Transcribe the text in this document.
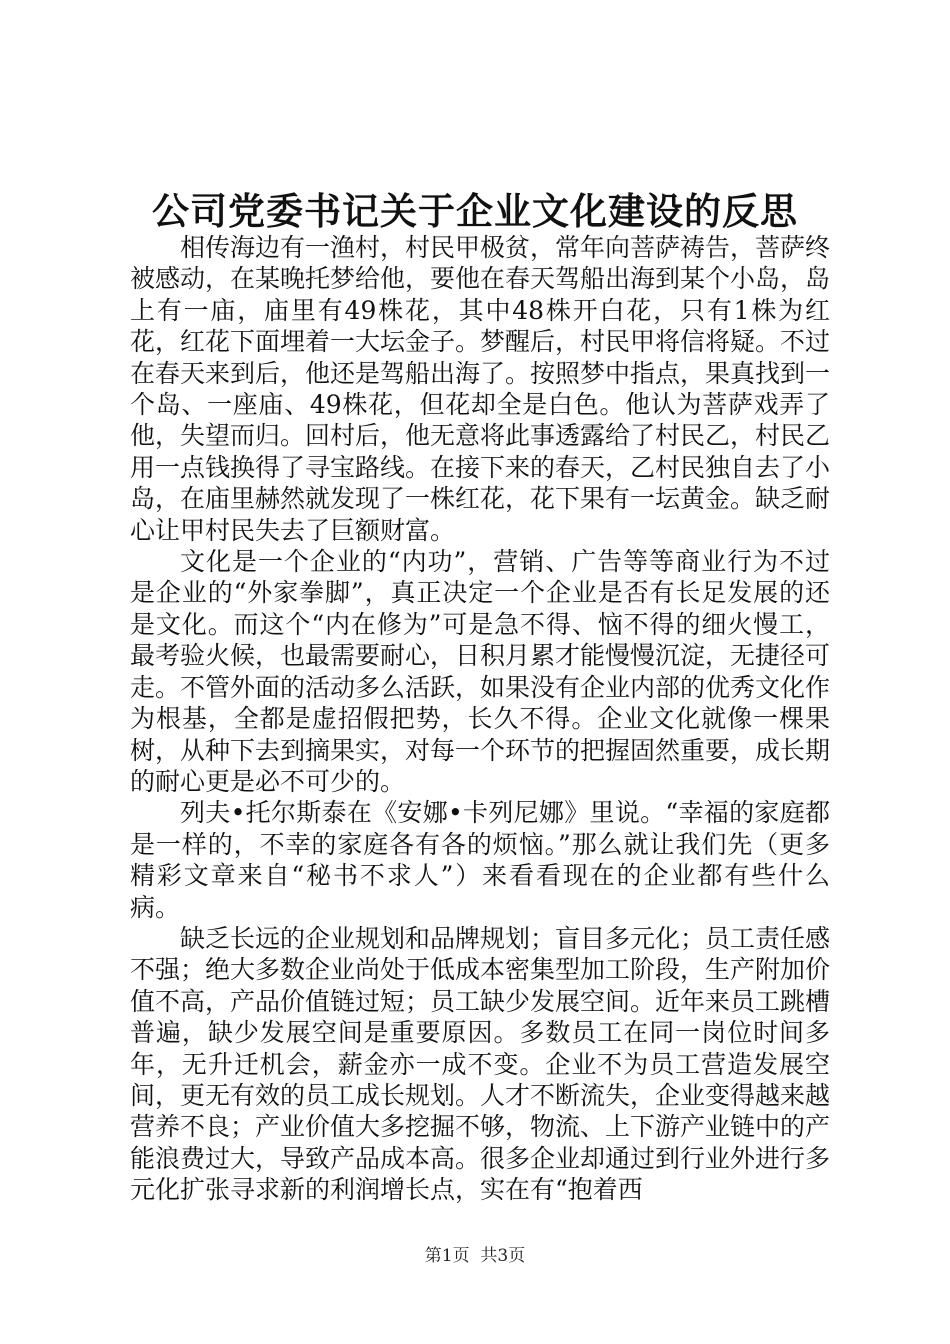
公司党委书记关于企业文化建设的反思

相传海边有一渔村，村民甲极贫，常年向菩萨祷告，菩萨终被感动，在某晚托梦给他，要他在春天驾船出海到某个小岛，岛上有一庙，庙里有49株花，其中48株开白花，只有1株为红花，红花下面埋着一大坛金子。梦醒后，村民甲将信将疑。不过在春天来到后，他还是驾船出海了。按照梦中指点，果真找到一个岛、一座庙、49株花，但花却全是白色。他认为菩萨戏弄了他，失望而归。回村后，他无意将此事透露给了村民乙，村民乙用一点钱换得了寻宝路线。在接下来的春天，乙村民独自去了小岛，在庙里赫然就发现了一株红花，花下果有一坛黄金。缺乏耐心让甲村民失去了巨额财富。

文化是一个企业的“内功”，营销、广告等等商业行为不过是企业的“外家拳脚”，真正决定一个企业是否有长足发展的还是文化。而这个“内在修为”可是急不得、恼不得的细火慢工，最考验火候，也最需要耐心，日积月累才能慢慢沉淀，无捷径可走。不管外面的活动多么活跃，如果没有企业内部的优秀文化作为根基，全都是虚招假把势，长久不得。企业文化就像一棵果树，从种下去到摘果实，对每一个环节的把握固然重要，成长期的耐心更是必不可少的。

列夫•托尔斯泰在《安娜•卡列尼娜》里说。“幸福的家庭都是一样的，不幸的家庭各有各的烦恼。”那么就让我们先（更多精彩文章来自“秘书不求人”）来看看现在的企业都有些什么病。

缺乏长远的企业规划和品牌规划；盲目多元化；员工责任感不强；绝大多数企业尚处于低成本密集型加工阶段，生产附加价值不高，产品价值链过短；员工缺少发展空间。近年来员工跳槽普遍，缺少发展空间是重要原因。多数员工在同一岗位时间多年，无升迁机会，薪金亦一成不变。企业不为员工营造发展空间，更无有效的员工成长规划。人才不断流失，企业变得越来越营养不良；产业价值大多挖掘不够，物流、上下游产业链中的产能浪费过大，导致产品成本高。很多企业却通过到行业外进行多元化扩张寻求新的利润增长点，实在有“抱着西

第1页 共3页
